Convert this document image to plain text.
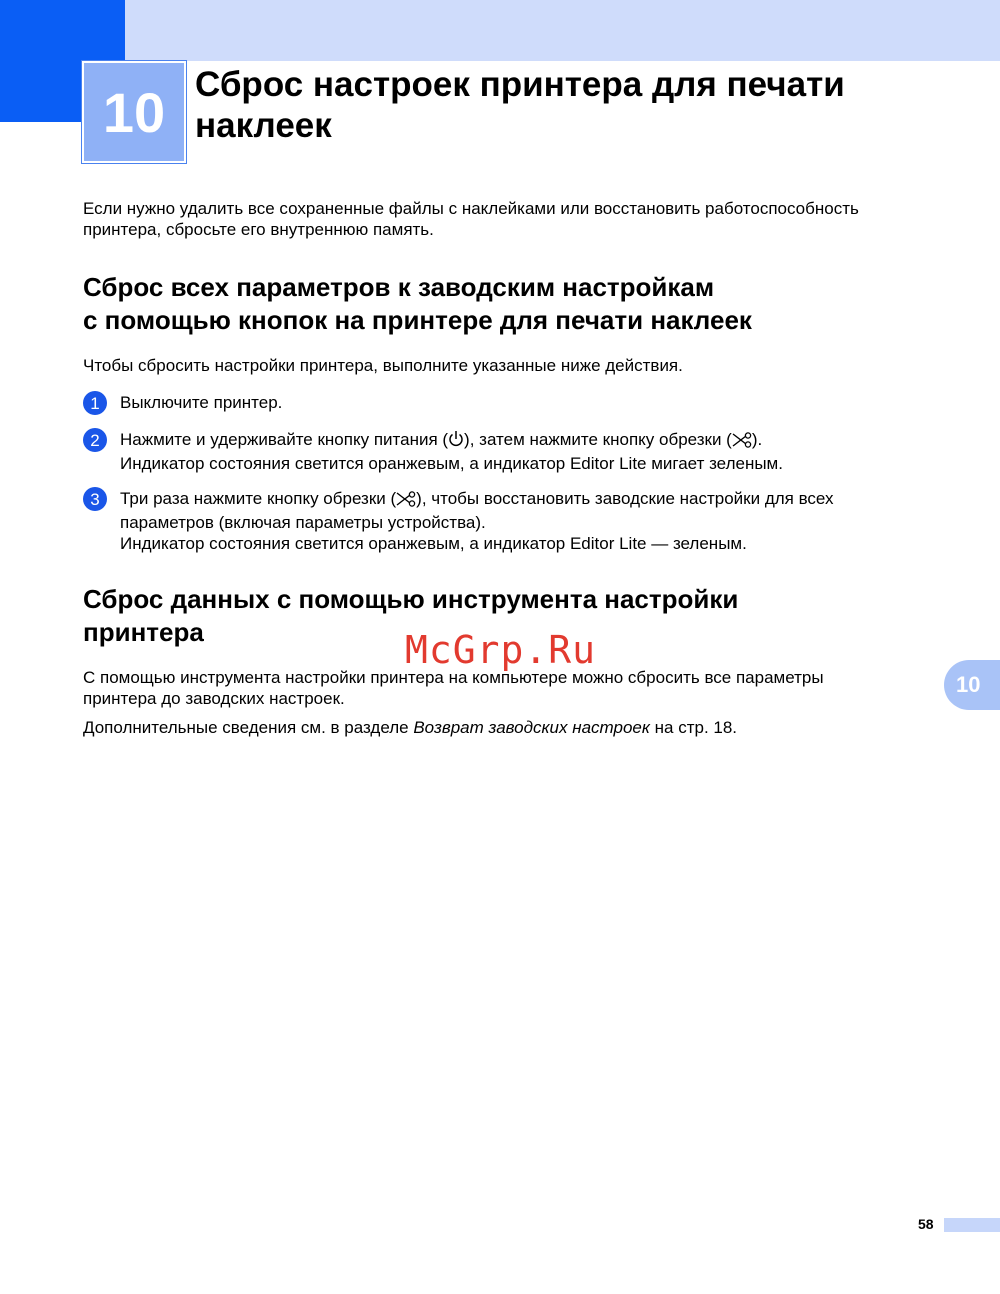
10 Сброс настроек принтера для печати
наклеек
Если нужно удалить все сохраненные файлы с наклейками или восстановить работоспособность
принтера, сбросьте его внутреннюю память.
Сброс всех параметров к заводским настройкам
с помощью кнопок на принтере для печати наклеек
Чтобы сбросить настройки принтера, выполните указанные ниже действия.
1	Выключите принтер.
2	Нажмите и удерживайте кнопку питания ( ), затем нажмите кнопку обрезки ( ).
Индикатор состояния светится оранжевым, а индикатор Editor Lite мигает зеленым.
3	Три раза нажмите кнопку обрезки ( ), чтобы восстановить заводские настройки для всех
параметров (включая параметры устройства).
Индикатор состояния светится оранжевым, а индикатор Editor Lite — зеленым.
Сброс данных с помощью инструмента настройки
принтера	McGrp.Ru
С помощью инструмента настройки принтера на компьютере можно сбросить все параметры
принтера до заводских настроек.
Дополнительные сведения см. в разделе Возврат заводских настроек на стр. 18.
10
58
